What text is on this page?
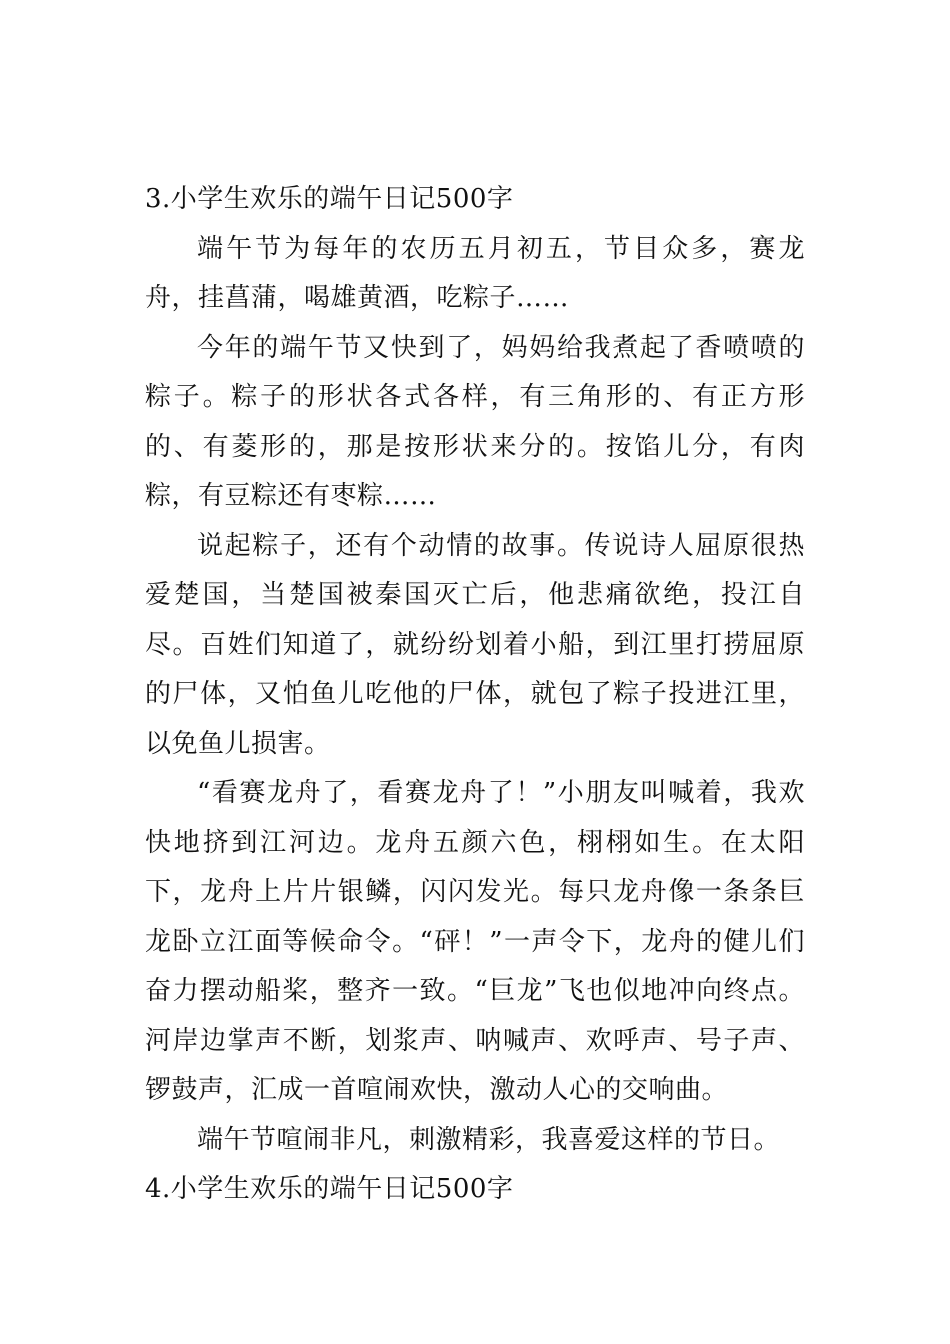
3.小学生欢乐的端午日记500字

端午节为每年的农历五月初五，节目众多，赛龙舟，挂菖蒲，喝雄黄酒，吃粽子……

今年的端午节又快到了，妈妈给我煮起了香喷喷的粽子。粽子的形状各式各样，有三角形的、有正方形的、有菱形的，那是按形状来分的。按馅儿分，有肉粽，有豆粽还有枣粽……

说起粽子，还有个动情的故事。传说诗人屈原很热爱楚国，当楚国被秦国灭亡后，他悲痛欲绝，投江自尽。百姓们知道了，就纷纷划着小船，到江里打捞屈原的尸体，又怕鱼儿吃他的尸体，就包了粽子投进江里，以免鱼儿损害。

“看赛龙舟了，看赛龙舟了！”小朋友叫喊着，我欢快地挤到江河边。龙舟五颜六色，栩栩如生。在太阳下，龙舟上片片银鳞，闪闪发光。每只龙舟像一条条巨龙卧立江面等候命令。“砰！”一声令下，龙舟的健儿们奋力摆动船桨，整齐一致。“巨龙”飞也似地冲向终点。河岸边掌声不断，划浆声、呐喊声、欢呼声、号子声、锣鼓声，汇成一首喧闹欢快，激动人心的交响曲。

端午节喧闹非凡，刺激精彩，我喜爱这样的节日。

4.小学生欢乐的端午日记500字
